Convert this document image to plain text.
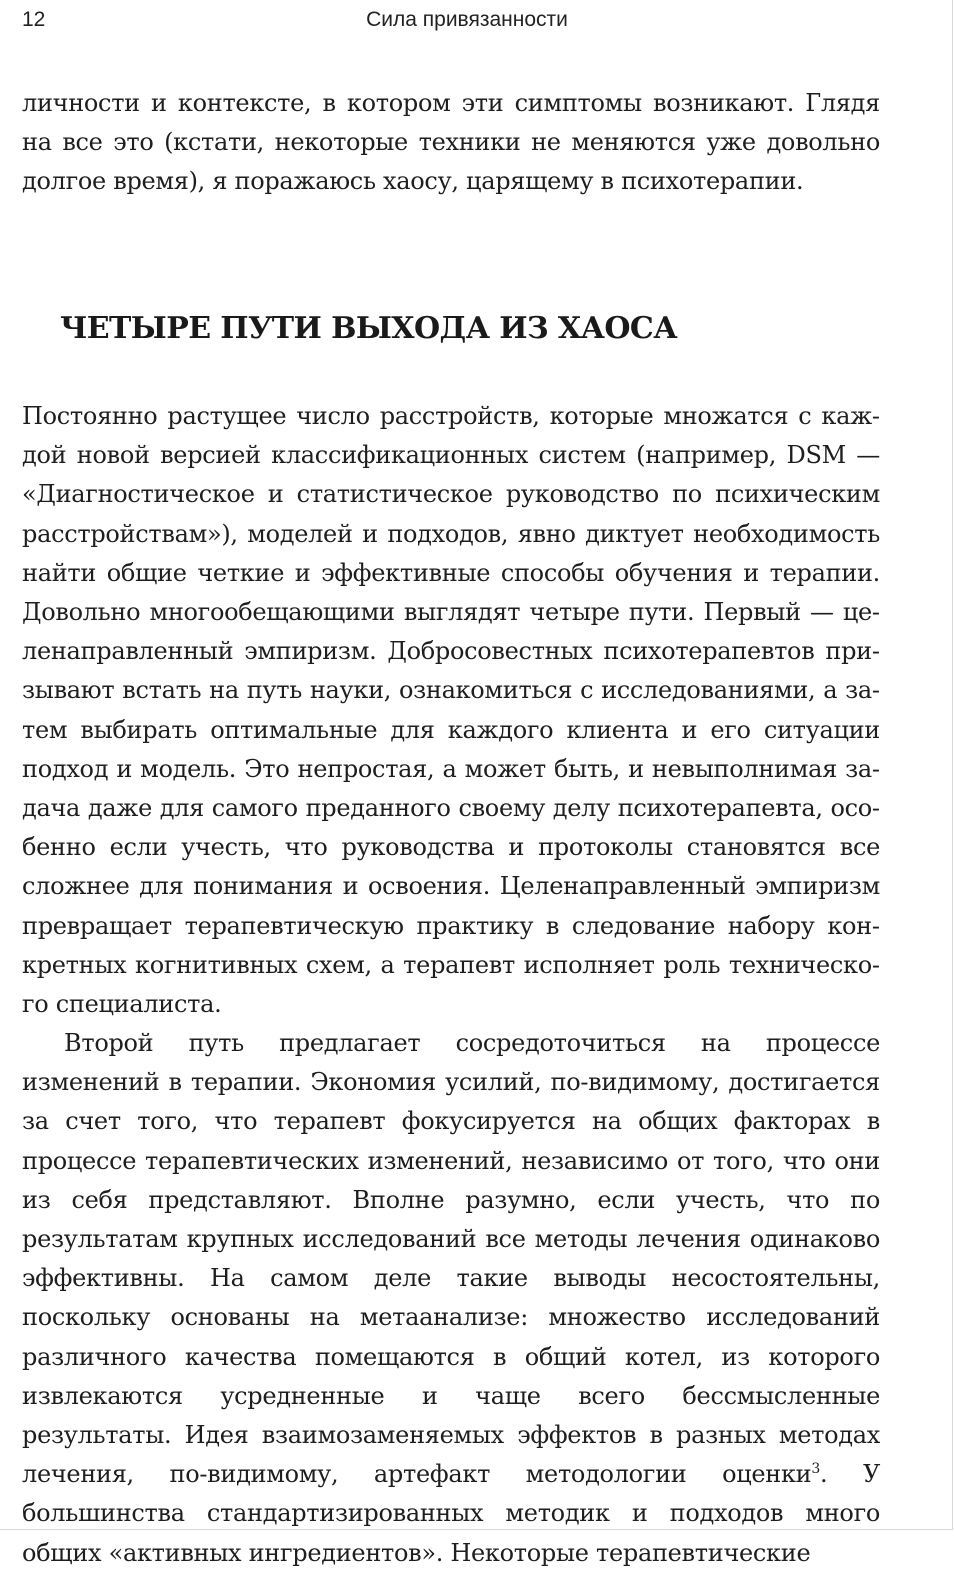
12	Сила привязанности

личности и контексте, в котором эти симптомы возникают. Глядя на все это (кстати, некоторые техники не меняются уже довольно долгое время), я поражаюсь хаосу, царящему в психотерапии.

ЧЕТЫРЕ ПУТИ ВЫХОДА ИЗ ХАОСА

Постоянно растущее число расстройств, которые множатся с каждой новой версией классификационных систем (например, DSM — «Диагностическое и статистическое руководство по психическим расстройствам»), моделей и подходов, явно диктует необходимость найти общие четкие и эффективные способы обучения и терапии. Довольно многообещающими выглядят четыре пути. Первый — целенаправленный эмпиризм. Добросовестных психотерапевтов призывают встать на путь науки, ознакомиться с исследованиями, а затем выбирать оптимальные для каждого клиента и его ситуации подход и модель. Это непростая, а может быть, и невыполнимая задача даже для самого преданного своему делу психотерапевта, особенно если учесть, что руководства и протоколы становятся все сложнее для понимания и освоения. Целенаправленный эмпиризм превращает терапевтическую практику в следование набору конкретных когнитивных схем, а терапевт исполняет роль технического специалиста.

Второй путь предлагает сосредоточиться на процессе изменений в терапии. Экономия усилий, по-видимому, достигается за счет того, что терапевт фокусируется на общих факторах в процессе терапевтических изменений, независимо от того, что они из себя представляют. Вполне разумно, если учесть, что по результатам крупных исследований все методы лечения одинаково эффективны. На самом деле такие выводы несостоятельны, поскольку основаны на метаанализе: множество исследований различного качества помещаются в общий котел, из которого извлекаются усредненные и чаще всего бессмысленные результаты. Идея взаимозаменяемых эффектов в разных методах лечения, по-видимому, артефакт методологии оценки$^3$. У большинства стандартизированных методик и подходов много общих «активных ингредиентов». Некоторые терапевтические
